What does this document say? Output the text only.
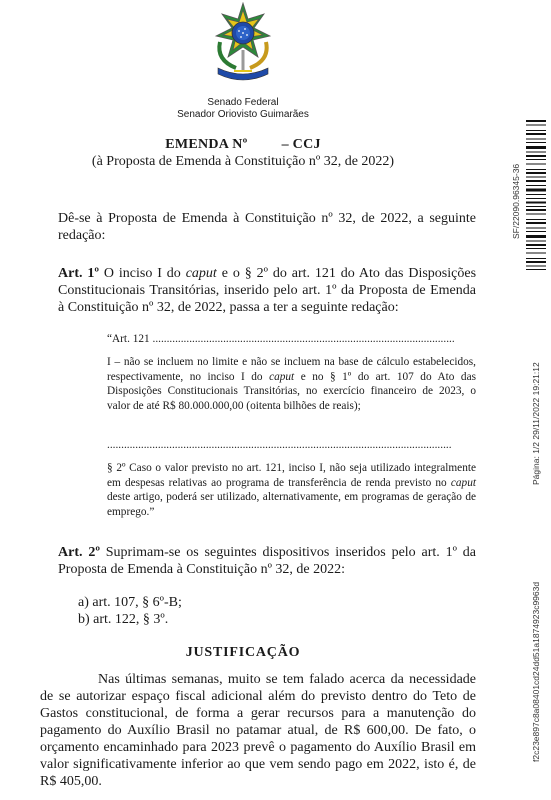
Senado Federal
Senador Oriovisto Guimarães
EMENDA Nº – CCJ
(à Proposta de Emenda à Constituição nº 32, de 2022)

Dê-se à Proposta de Emenda à Constituição nº 32, de 2022, a seguinte
redação:

Art. 1º O inciso I do caput e o § 2º do art. 121 do Ato das Disposições Constitucionais Transitórias, inserido pelo art. 1º da Proposta de Emenda à Constituição nº 32, de 2022, passa a ter a seguinte redação:

“Art. 121 ...........................................................................................................

I – não se incluem no limite e não se incluem na base de cálculo estabelecidos, respectivamente, no inciso I do caput e no § 1º do art. 107 do Ato das Disposições Constitucionais Transitórias, no exercício financeiro de 2023, o valor de até R$ 80.000.000,00 (oitenta bilhões de reais);

..........................................................................................................................

§ 2º Caso o valor previsto no art. 121, inciso I, não seja utilizado integralmente em despesas relativas ao programa de transferência de renda previsto no caput deste artigo, poderá ser utilizado, alternativamente, em programas de geração de emprego.”

Art. 2º Suprimam-se os seguintes dispositivos inseridos pelo art. 1º da Proposta de Emenda à Constituição nº 32, de 2022:

a) art. 107, § 6º-B;
b) art. 122, § 3º.
JUSTIFICAÇÃO

Nas últimas semanas, muito se tem falado acerca da necessidade de se autorizar espaço fiscal adicional além do previsto dentro do Teto de Gastos constitucional, de forma a gerar recursos para a manutenção do pagamento do Auxílio Brasil no patamar atual, de R$ 600,00. De fato, o orçamento encaminhado para 2023 prevê o pagamento do Auxílio Brasil em valor significativamente inferior ao que vem sendo pago em 2022, isto é, de R$ 405,00.

SF/22090.96345-36
Página: 1/2 29/11/2022 19:21:12
f2c23e897c8a08401cd24dd51a1874923c9963d
